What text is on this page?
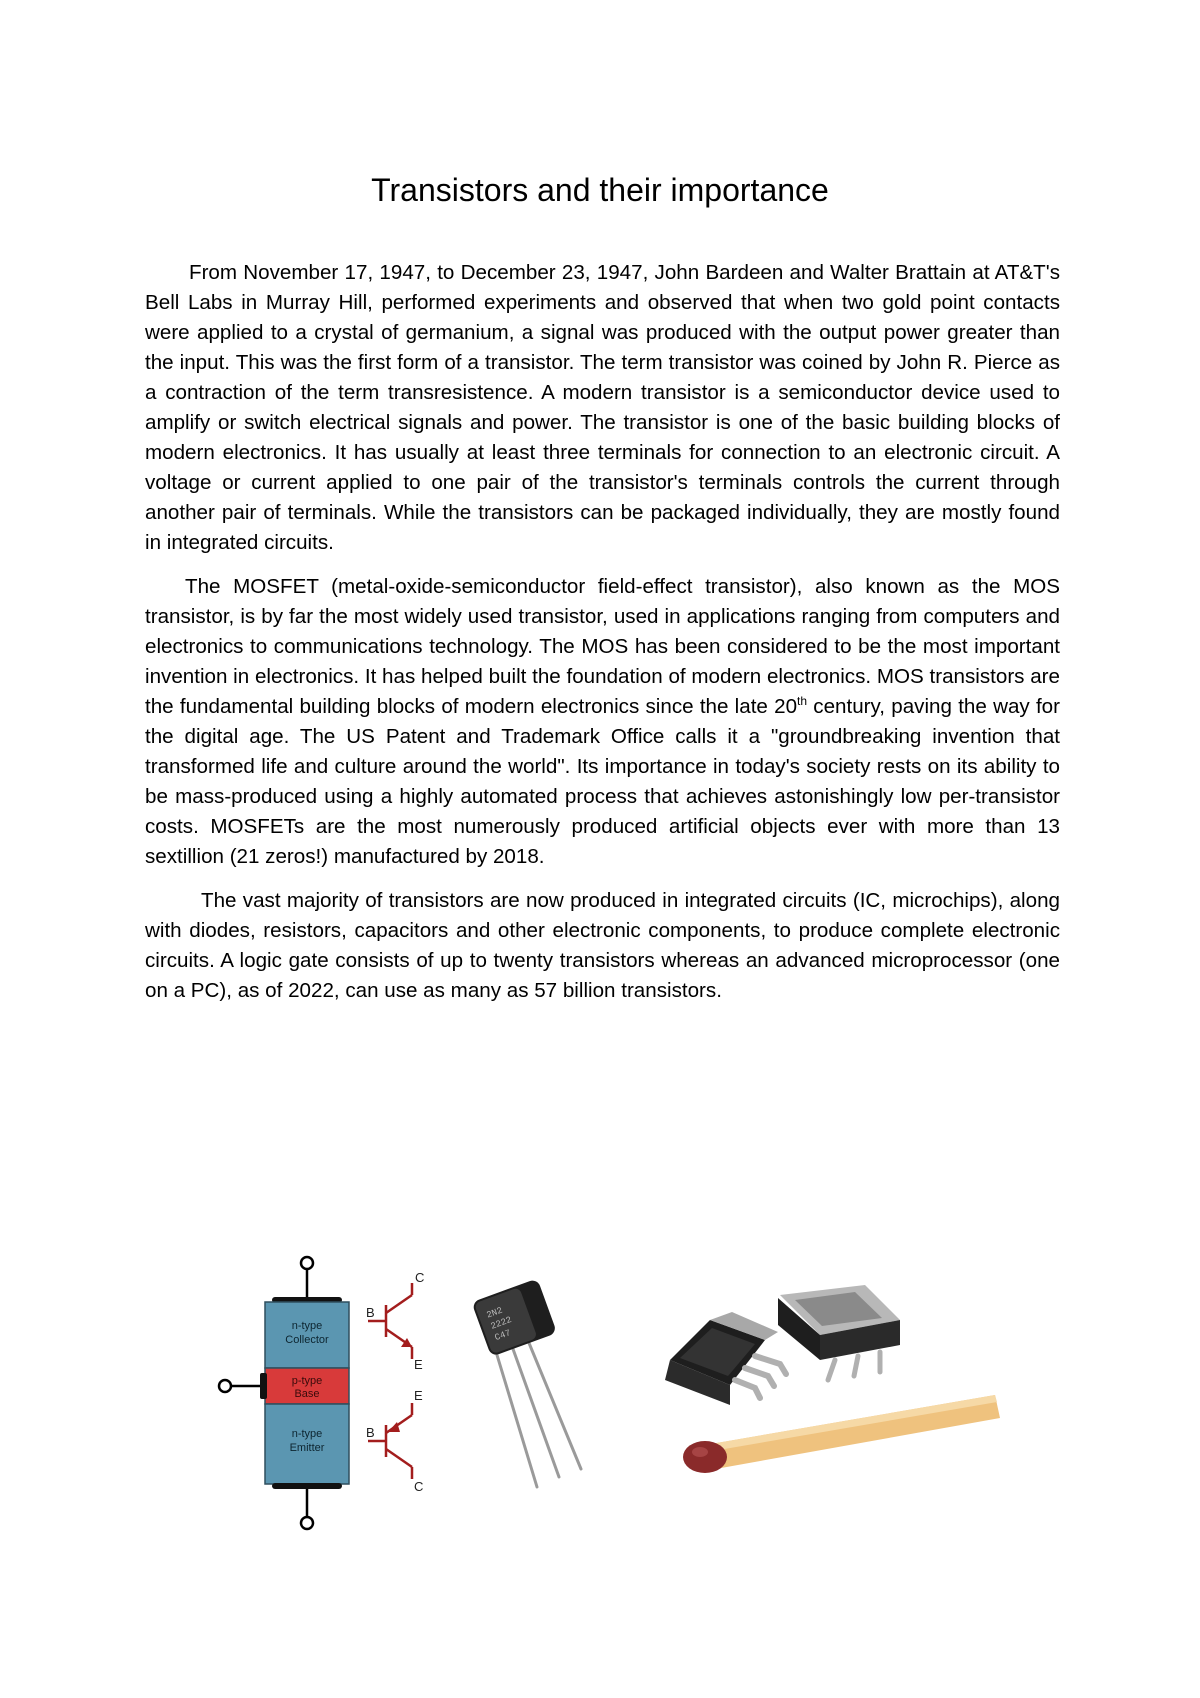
Transistors and their importance

From November 17, 1947, to December 23, 1947, John Bardeen and Walter Brattain at AT&T's Bell Labs in Murray Hill, performed experiments and observed that when two gold point contacts were applied to a crystal of germanium, a signal was produced with the output power greater than the input. This was the first form of a transistor. The term transistor was coined by John R. Pierce as a contraction of the term transresistence. A modern transistor is a semiconductor device used to amplify or switch electrical signals and power. The transistor is one of the basic building blocks of modern electronics. It has usually at least three terminals for connection to an electronic circuit. A voltage or current applied to one pair of the transistor's terminals controls the current through another pair of terminals. While the transistors can be packaged individually, they are mostly found in integrated circuits.

The MOSFET (metal-oxide-semiconductor field-effect transistor), also known as the MOS transistor, is by far the most widely used transistor, used in applications ranging from computers and electronics to communications technology. The MOS has been considered to be the most important invention in electronics. It has helped built the foundation of modern electronics. MOS transistors are the fundamental building blocks of modern electronics since the late 20th century, paving the way for the digital age. The US Patent and Trademark Office calls it a "groundbreaking invention that transformed life and culture around the world". Its importance in today's society rests on its ability to be mass-produced using a highly automated process that achieves astonishingly low per-transistor costs. MOSFETs are the most numerously produced artificial objects ever with more than 13 sextillion (21 zeros!) manufactured by 2018.

The vast majority of transistors are now produced in integrated circuits (IC, microchips), along with diodes, resistors, capacitors and other electronic components, to produce complete electronic circuits. A logic gate consists of up to twenty transistors whereas an advanced microprocessor (one on a PC), as of 2022, can use as many as 57 billion transistors.

n-type
Collector
p-type
Base
n-type
Emitter
C
B
E
E
B
C
2N2
2222
C47
